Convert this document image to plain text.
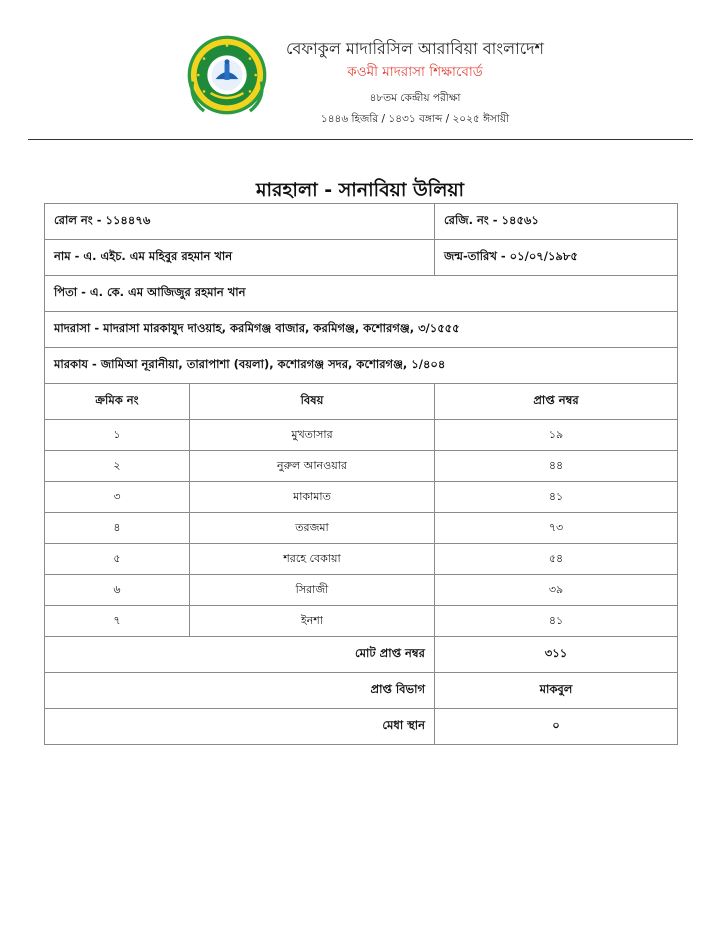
বেফাকুল মাদারিসিল আরাবিয়া বাংলাদেশ
কওমী মাদরাসা শিক্ষাবোর্ড
৪৮তম কেন্দ্রীয় পরীক্ষা
১৪৪৬ হিজরি / ১৪৩১ বঙ্গাব্দ / ২০২৫ ঈসায়ী
মারহালা - সানাবিয়া উলিয়া
রোল নং - ১১৪৪৭৬		রেজি. নং - ১৪৫৬১
নাম - এ. এইচ. এম মহিবুর রহমান খান		জন্ম-তারিখ - ০১/০৭/১৯৮৫
পিতা - এ. কে. এম আজিজুর রহমান খান		
মাদরাসা - মাদরাসা মারকাযুদ দাওয়াহ, করমিগঞ্জ বাজার, করমিগঞ্জ, কশোরগঞ্জ, ৩/১৫৫৫		
মারকায - জামিআ নূরানীয়া, তারাপাশা (বয়লা), কশোরগঞ্জ সদর, কশোরগঞ্জ, ১/৪০৪		
ক্রমিক নং	বিষয়	প্রাপ্ত নম্বর
১	মুখতাসার	১৯
২	নুরুল আনওয়ার	৪৪
৩	মাকামাত	৪১
৪	তরজমা	৭৩
৫	শরহে বেকায়া	৫৪
৬	সিরাজী	৩৯
৭	ইনশা	৪১
মোট প্রাপ্ত নম্বর		৩১১
প্রাপ্ত বিভাগ		মাকবুল
মেধা স্থান		০
